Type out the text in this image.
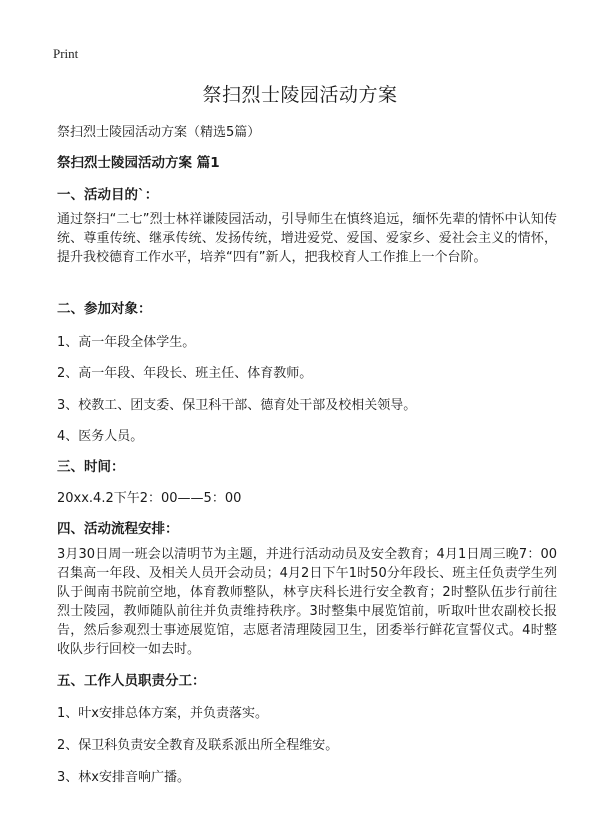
Print
祭扫烈士陵园活动方案

祭扫烈士陵园活动方案（精选5篇）

祭扫烈士陵园活动方案 篇1
一、活动目的`：

通过祭扫“二七”烈士林祥谦陵园活动，引导师生在慎终追远，缅怀先辈的情怀中认知传统、尊重传统、继承传统、发扬传统，增进爱党、爱国、爱家乡、爱社会主义的情怀，提升我校德育工作水平，培养“四有”新人，把我校育人工作推上一个台阶。

二、参加对象：

1、高一年段全体学生。

2、高一年段、年段长、班主任、体育教师。

3、校教工、团支委、保卫科干部、德育处干部及校相关领导。

4、医务人员。

三、时间：

20xx.4.2下午2：00——5：00

四、活动流程安排：

3月30日周一班会以清明节为主题，并进行活动动员及安全教育；4月1日周三晚7：00召集高一年段、及相关人员开会动员；4月2日下午1时50分年段长、班主任负责学生列队于闽南书院前空地，体育教师整队，林亨庆科长进行安全教育；2时整队伍步行前往烈士陵园，教师随队前往并负责维持秩序。3时整集中展览馆前，听取叶世农副校长报告，然后参观烈士事迹展览馆，志愿者清理陵园卫生，团委举行鲜花宣誓仪式。4时整收队步行回校一如去时。

五、工作人员职责分工：

1、叶x安排总体方案，并负责落实。

2、保卫科负责安全教育及联系派出所全程维安。

3、林x安排音响广播。
